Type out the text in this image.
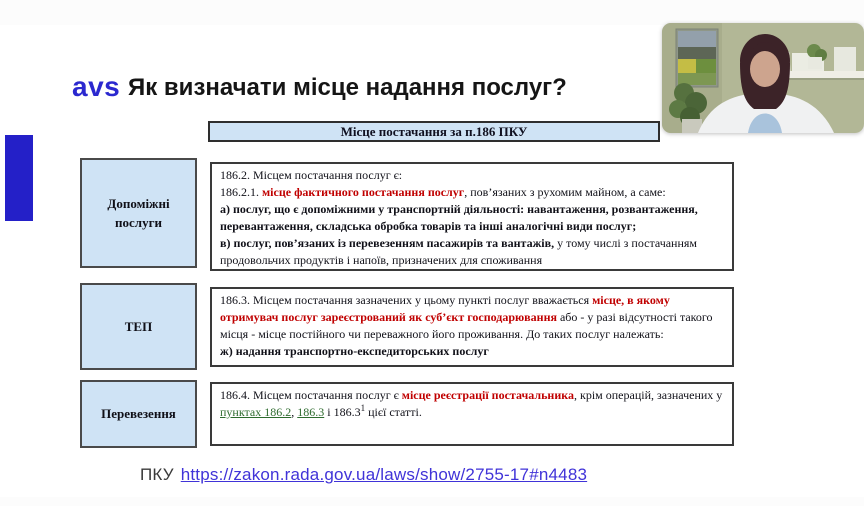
avs Як визначати місце надання послуг?
Місце постачання за п.186 ПКУ
Допоміжні послуги
ТЕП
Перевезення
186.2. Місцем постачання послуг є:
186.2.1. місце фактичного постачання послуг, пов’язаних з рухомим майном, а саме:
а) послуг, що є допоміжними у транспортній діяльності: навантаження, розвантаження, перевантаження, складська обробка товарів та інші аналогічні види послуг;
в) послуг, пов’язаних із перевезенням пасажирів та вантажів, у тому числі з постачанням продовольчих продуктів і напоїв, призначених для споживання
186.3. Місцем постачання зазначених у цьому пункті послуг вважається місце, в якому отримувач послуг зареєстрований як суб’єкт господарювання або - у разі відсутності такого місця - місце постійного чи переважного його проживання. До таких послуг належать:
ж) надання транспортно-експедиторських послуг
186.4. Місцем постачання послуг є місце реєстрації постачальника, крім операцій, зазначених у пунктах 186.2, 186.3 і 186.3$^1$ цієї статті.
ПКУ https://zakon.rada.gov.ua/laws/show/2755-17#n4483
